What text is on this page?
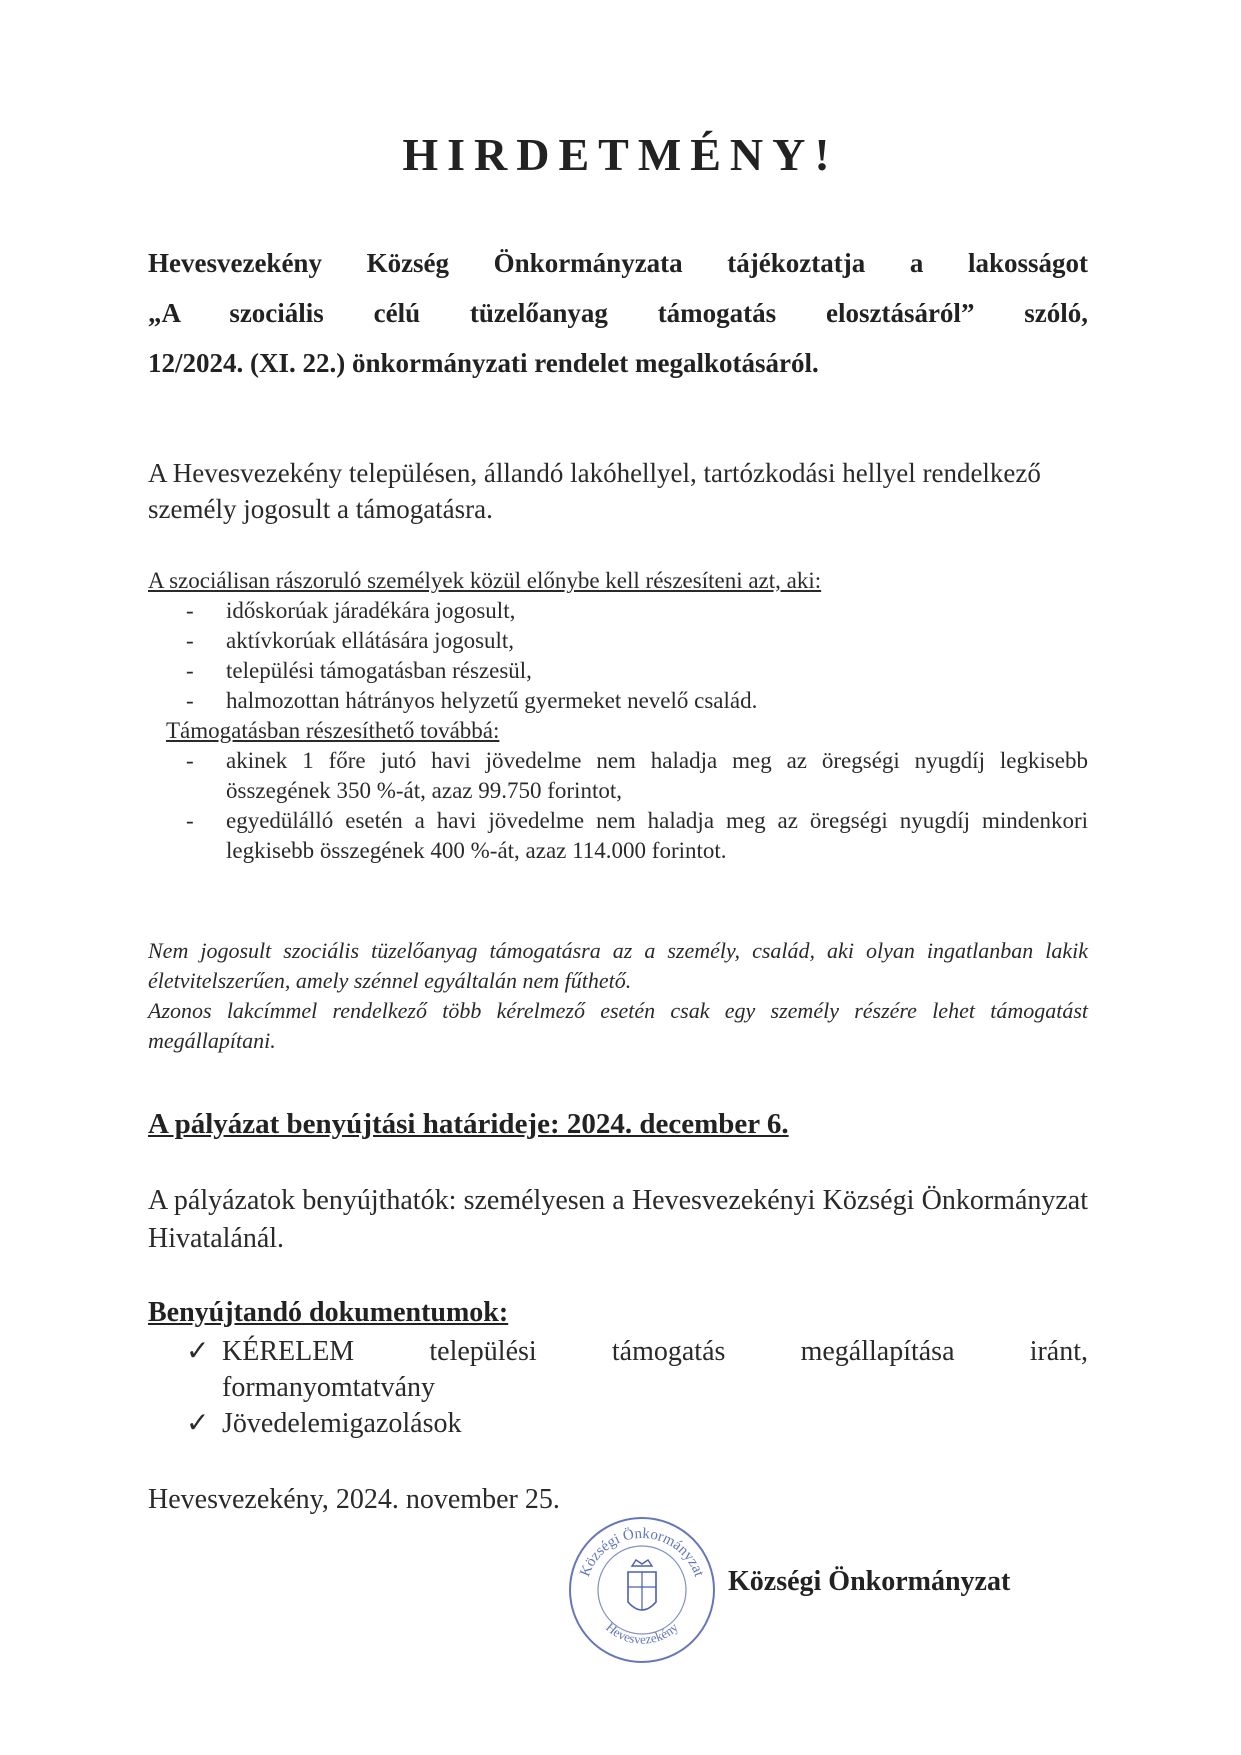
HIRDETMÉNY!

Hevesvezekény Község Önkormányzata tájékoztatja a lakosságot
„A szociális célú tüzelőanyag támogatás elosztásáról” szóló,
12/2024. (XI. 22.) önkormányzati rendelet megalkotásáról.

A Hevesvezekény településen, állandó lakóhellyel, tartózkodási hellyel rendelkező személy jogosult a támogatásra.

A szociálisan rászoruló személyek közül előnybe kell részesíteni azt, aki:

- időskorúak járadékára jogosult,
- aktívkorúak ellátására jogosult,
- települési támogatásban részesül,
- halmozottan hátrányos helyzetű gyermeket nevelő család.

Támogatásban részesíthető továbbá:

- akinek 1 főre jutó havi jövedelme nem haladja meg az öregségi nyugdíj legkisebb összegének 350 %-át, azaz 99.750 forintot,
- egyedülálló esetén a havi jövedelme nem haladja meg az öregségi nyugdíj mindenkori legkisebb összegének 400 %-át, azaz 114.000 forintot.
Nem jogosult szociális tüzelőanyag támogatásra az a személy, család, aki olyan ingatlanban lakik életvitelszerűen, amely szénnel egyáltalán nem fűthető.
Azonos lakcímmel rendelkező több kérelmező esetén csak egy személy részére lehet támogatást megállapítani.

A pályázat benyújtási határideje: 2024. december 6.

A pályázatok benyújthatók: személyesen a Hevesvezekényi Községi Önkormányzat Hivatalánál.

Benyújtandó dokumentumok:

✓ KÉRELEM települési támogatás megállapítása iránt,
formanyomtatvány
✓ Jövedelemigazolások

Hevesvezekény, 2024. november 25.

Községi Önkormányzat
Hevesvezekény

Községi Önkormányzat
